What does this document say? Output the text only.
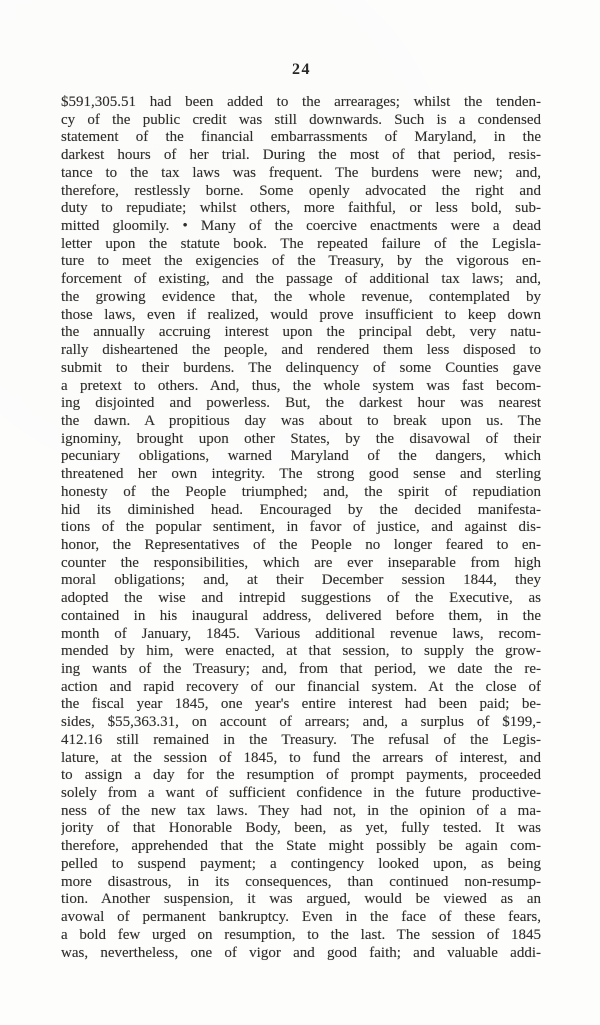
24
$591,305.51 had been added to the arrearages; whilst the tenden-
cy of the public credit was still downwards. Such is a condensed
statement of the financial embarrassments of Maryland, in the
darkest hours of her trial. During the most of that period, resis-
tance to the tax laws was frequent. The burdens were new; and,
therefore, restlessly borne. Some openly advocated the right and
duty to repudiate; whilst others, more faithful, or less bold, sub-
mitted gloomily. • Many of the coercive enactments were a dead
letter upon the statute book. The repeated failure of the Legisla-
ture to meet the exigencies of the Treasury, by the vigorous en-
forcement of existing, and the passage of additional tax laws; and,
the growing evidence that, the whole revenue, contemplated by
those laws, even if realized, would prove insufficient to keep down
the annually accruing interest upon the principal debt, very natu-
rally disheartened the people, and rendered them less disposed to
submit to their burdens. The delinquency of some Counties gave
a pretext to others. And, thus, the whole system was fast becom-
ing disjointed and powerless. But, the darkest hour was nearest
the dawn. A propitious day was about to break upon us. The
ignominy, brought upon other States, by the disavowal of their
pecuniary obligations, warned Maryland of the dangers, which
threatened her own integrity. The strong good sense and sterling
honesty of the People triumphed; and, the spirit of repudiation
hid its diminished head. Encouraged by the decided manifesta-
tions of the popular sentiment, in favor of justice, and against dis-
honor, the Representatives of the People no longer feared to en-
counter the responsibilities, which are ever inseparable from high
moral obligations; and, at their December session 1844, they
adopted the wise and intrepid suggestions of the Executive, as
contained in his inaugural address, delivered before them, in the
month of January, 1845. Various additional revenue laws, recom-
mended by him, were enacted, at that session, to supply the grow-
ing wants of the Treasury; and, from that period, we date the re-
action and rapid recovery of our financial system. At the close of
the fiscal year 1845, one year's entire interest had been paid; be-
sides, $55,363.31, on account of arrears; and, a surplus of $199,-
412.16 still remained in the Treasury. The refusal of the Legis-
lature, at the session of 1845, to fund the arrears of interest, and
to assign a day for the resumption of prompt payments, proceeded
solely from a want of sufficient confidence in the future productive-
ness of the new tax laws. They had not, in the opinion of a ma-
jority of that Honorable Body, been, as yet, fully tested. It was
therefore, apprehended that the State might possibly be again com-
pelled to suspend payment; a contingency looked upon, as being
more disastrous, in its consequences, than continued non-resump-
tion. Another suspension, it was argued, would be viewed as an
avowal of permanent bankruptcy. Even in the face of these fears,
a bold few urged on resumption, to the last. The session of 1845
was, nevertheless, one of vigor and good faith; and valuable addi-
